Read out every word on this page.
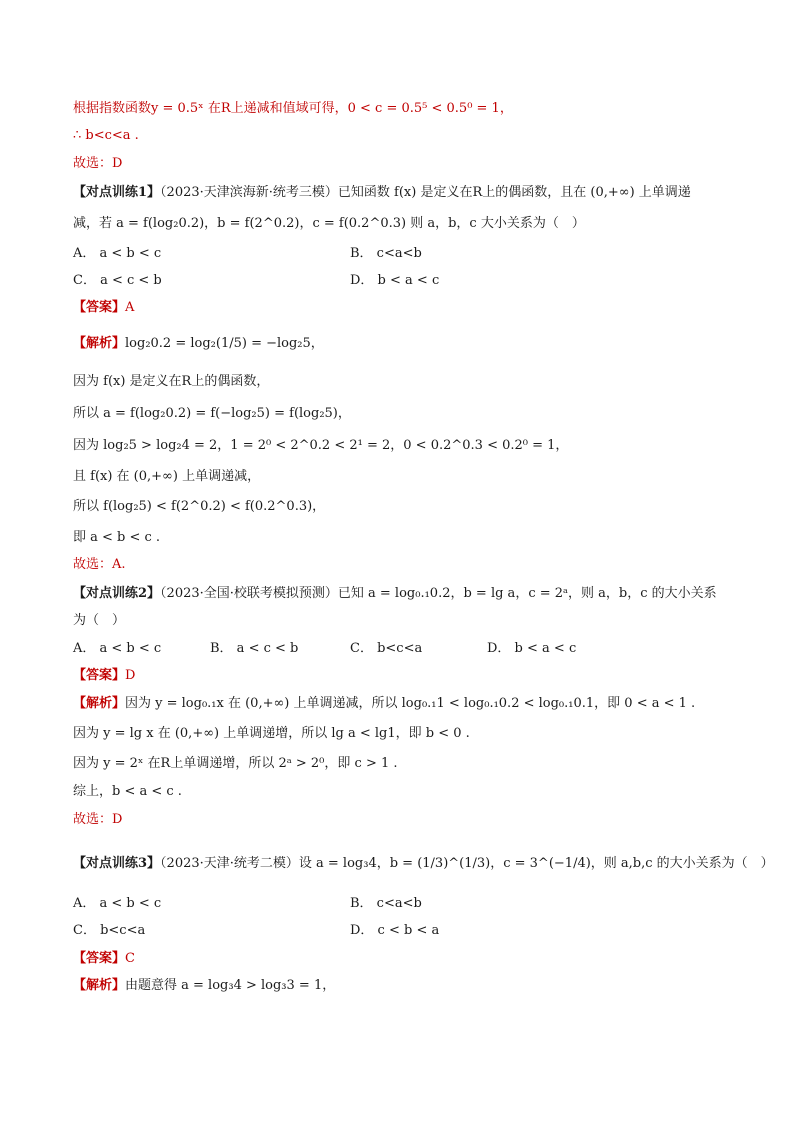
根据指数函数y = 0.5ˣ 在R上递减和值域可得，0 < c = 0.5⁵ < 0.5⁰ = 1，
∴ b<c<a .
故选：D
【对点训练1】（2023·天津滨海新·统考三模）已知函数 f(x) 是定义在R上的偶函数，且在 (0,+∞) 上单调递
减，若 a = f(log₂0.2)，b = f(2^0.2)，c = f(0.2^0.3) 则 a，b，c 大小关系为（　）
A． a < b < c	B． c<a<b
C． a < c < b	D． b < a < c
【答案】A
【解析】log₂0.2 = log₂(1/5) = −log₂5，
因为 f(x) 是定义在R上的偶函数，
所以 a = f(log₂0.2) = f(−log₂5) = f(log₂5)，
因为 log₂5 > log₂4 = 2，1 = 2⁰ < 2^0.2 < 2¹ = 2，0 < 0.2^0.3 < 0.2⁰ = 1，
且 f(x) 在 (0,+∞) 上单调递减，
所以 f(log₂5) < f(2^0.2) < f(0.2^0.3)，
即 a < b < c .
故选：A.
【对点训练2】（2023·全国·校联考模拟预测）已知 a = log₀.₁0.2，b = lg a，c = 2ᵃ，则 a，b，c 的大小关系
为（　）
A． a < b < c	B． a < c < b	C． b<c<a	D． b < a < c
【答案】D
【解析】因为 y = log₀.₁x 在 (0,+∞) 上单调递减，所以 log₀.₁1 < log₀.₁0.2 < log₀.₁0.1，即 0 < a < 1 .
因为 y = lg x 在 (0,+∞) 上单调递增，所以 lg a < lg1，即 b < 0 .
因为 y = 2ˣ 在R上单调递增，所以 2ᵃ > 2⁰，即 c > 1 .
综上，b < a < c .
故选：D
【对点训练3】（2023·天津·统考二模）设 a = log₃4，b = (1/3)^(1/3)，c = 3^(−1/4)，则 a,b,c 的大小关系为（　）
A． a < b < c	B． c<a<b
C． b<c<a	D． c < b < a
【答案】C
【解析】由题意得 a = log₃4 > log₃3 = 1，
